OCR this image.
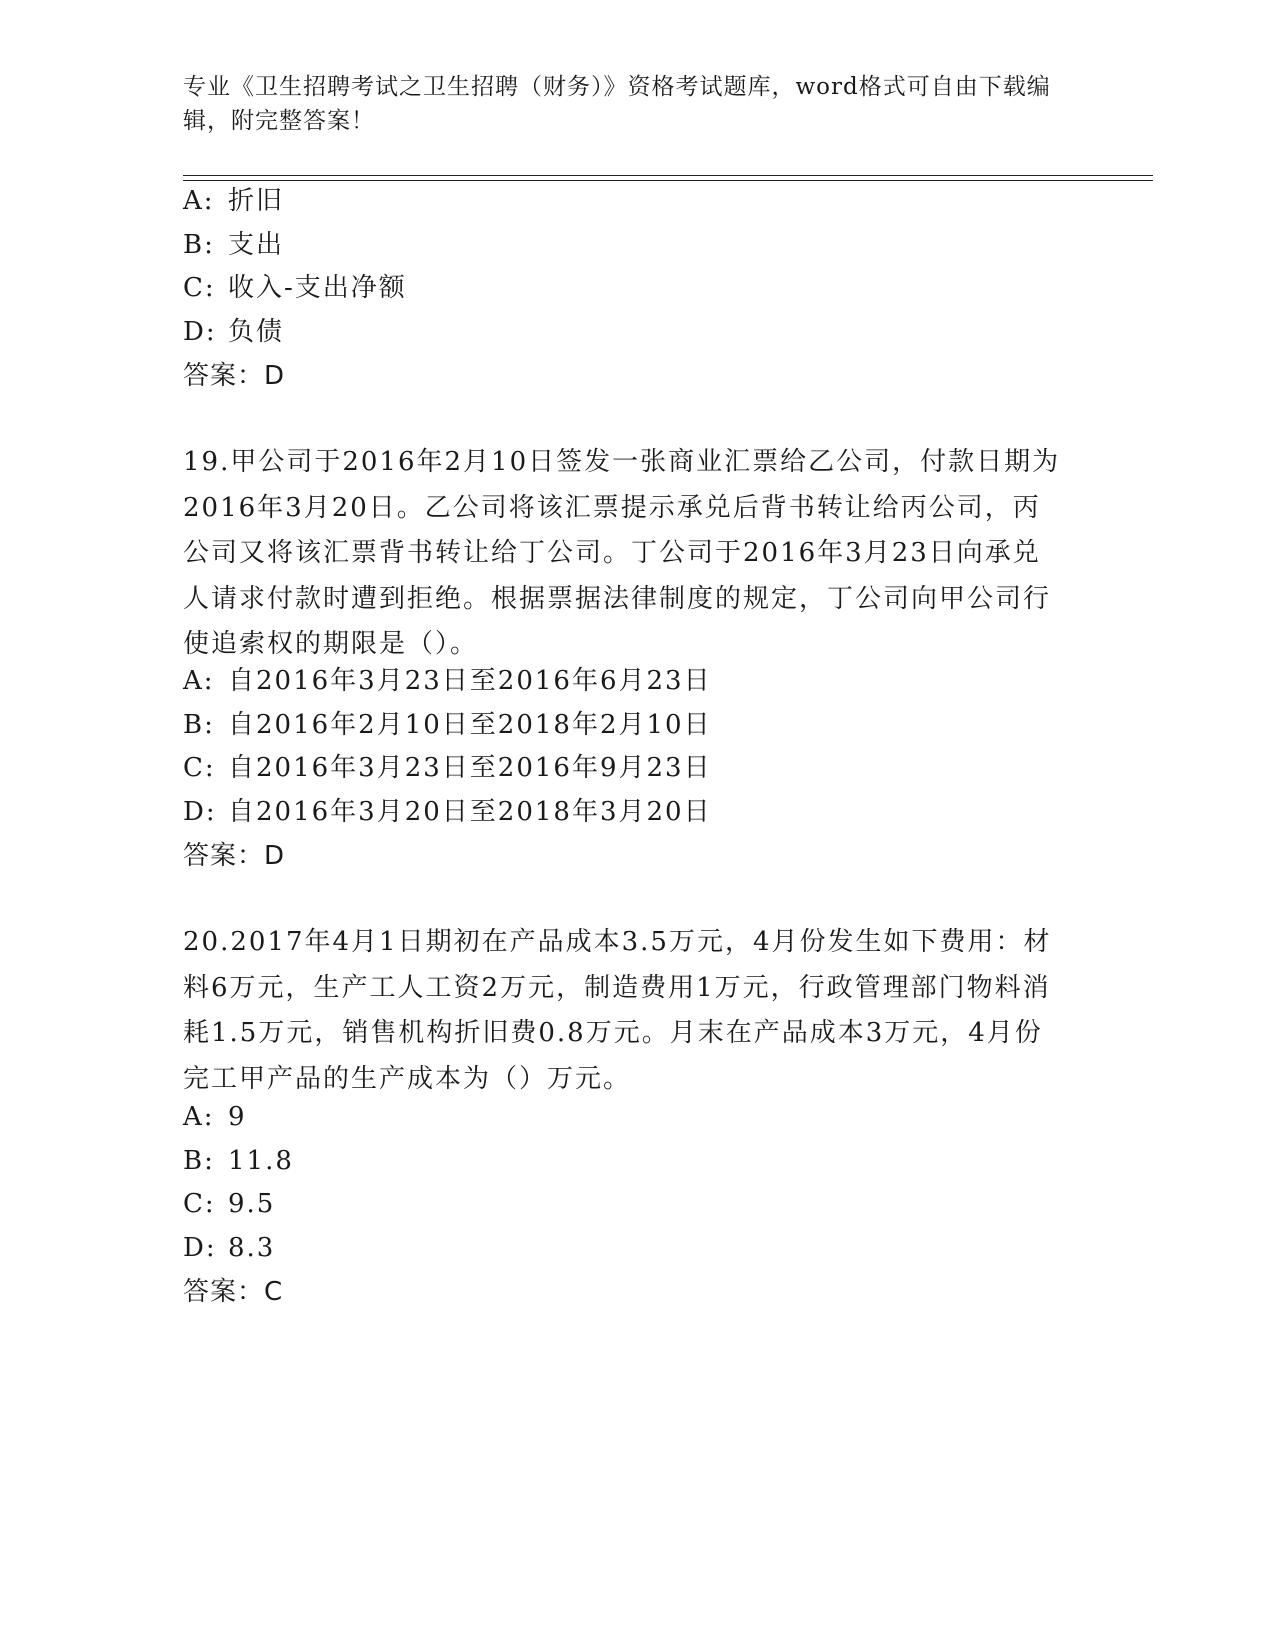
专业《卫生招聘考试之卫生招聘（财务）》资格考试题库，word格式可自由下载编辑，附完整答案！
A: 折旧
B: 支出
C: 收入-支出净额
D: 负债
答案：D
19.甲公司于2016年2月10日签发一张商业汇票给乙公司，付款日期为2016年3月20日。乙公司将该汇票提示承兑后背书转让给丙公司，丙公司又将该汇票背书转让给丁公司。丁公司于2016年3月23日向承兑人请求付款时遭到拒绝。根据票据法律制度的规定，丁公司向甲公司行使追索权的期限是（）。
A: 自2016年3月23日至2016年6月23日
B: 自2016年2月10日至2018年2月10日
C: 自2016年3月23日至2016年9月23日
D: 自2016年3月20日至2018年3月20日
答案：D
20.2017年4月1日期初在产品成本3.5万元，4月份发生如下费用：材料6万元，生产工人工资2万元，制造费用1万元，行政管理部门物料消耗1.5万元，销售机构折旧费0.8万元。月末在产品成本3万元，4月份完工甲产品的生产成本为（）万元。
A: 9
B: 11.8
C: 9.5
D: 8.3
答案：C
